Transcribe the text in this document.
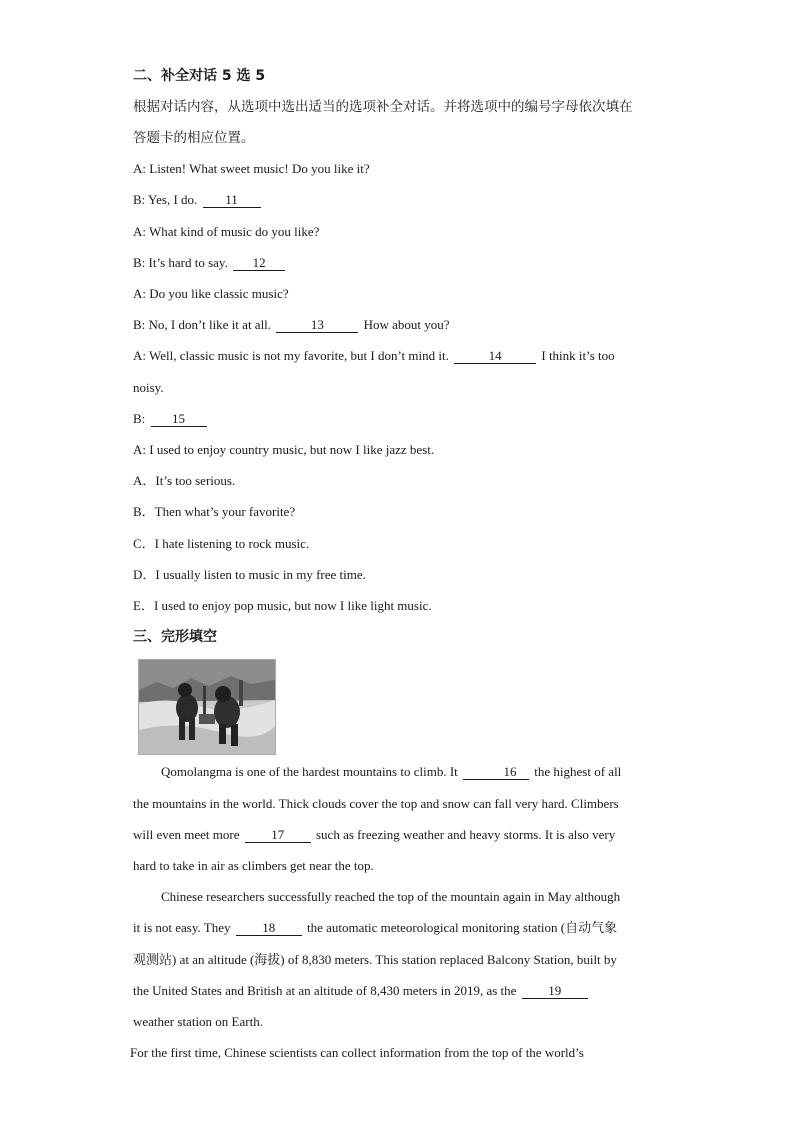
二、补全对话 5 选 5
根据对话内容，从选项中选出适当的选项补全对话。并将选项中的编号字母依次填在
答题卡的相应位置。
A: Listen! What sweet music! Do you like it?
B: Yes, I do. 11
A: What kind of music do you like?
B: It’s hard to say. 12
A: Do you like classic music?
B: No, I don’t like it at all.	13	How about you?
A: Well, classic music is not my favorite, but I don’t mind it.	14	I think it’s too
noisy.
B: 15
A: I used to enjoy country music, but now I like jazz best.
A．It’s too serious.
B．Then what’s your favorite?
C．I hate listening to rock music.
D．I usually listen to music in my free time.
E．I used to enjoy pop music, but now I like light music.
三、完形填空
Qomolangma is one of the hardest mountains to climb. It	16 the highest of all
the mountains in the world. Thick clouds cover the top and snow can fall very hard. Climbers
will even meet more 17 such as freezing weather and heavy storms. It is also very
hard to take in air as climbers get near the top.
Chinese researchers successfully reached the top of the mountain again in May although
it is not easy. They 18 the automatic meteorological monitoring station (自动气象
观测站) at an altitude (海拔) of 8,830 meters. This station replaced Balcony Station, built by
the United States and British at an altitude of 8,430 meters in 2019, as the 19
weather station on Earth.
For the first time, Chinese scientists can collect information from the top of the world’s
